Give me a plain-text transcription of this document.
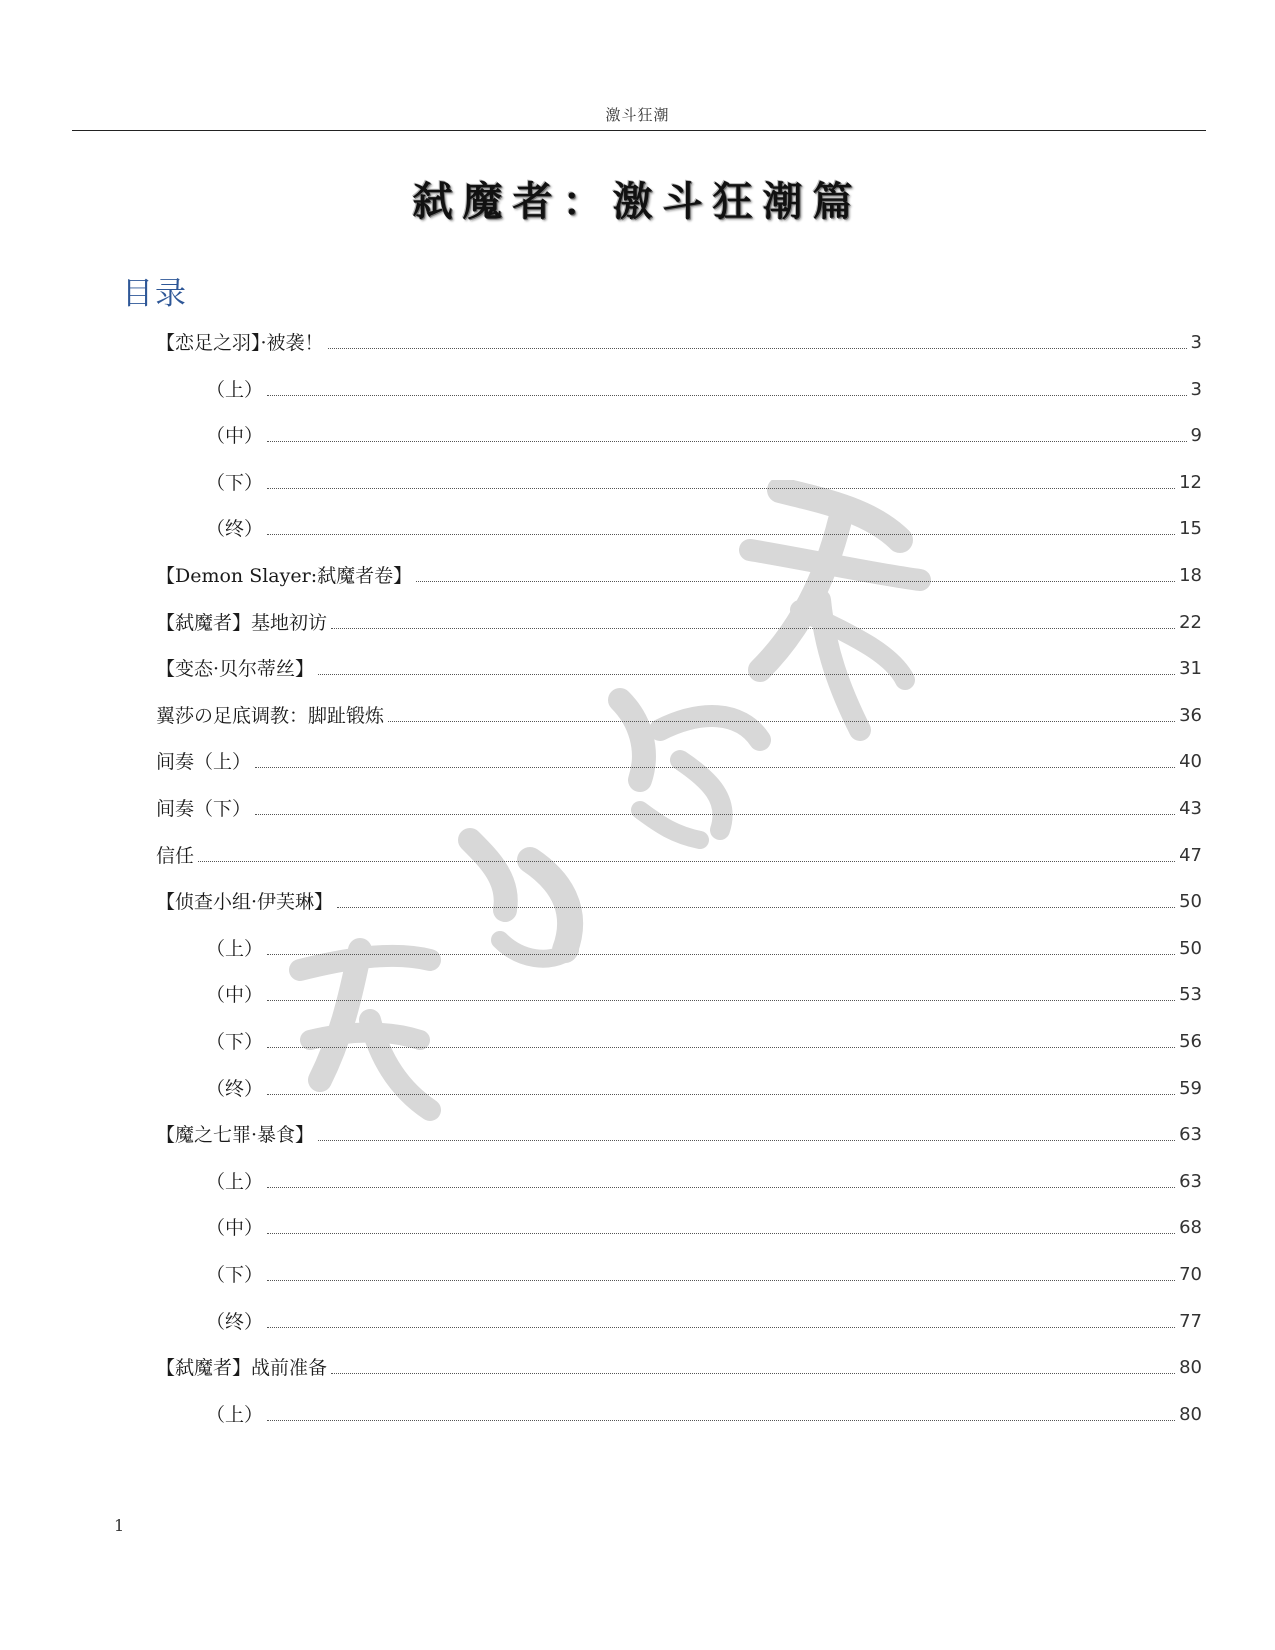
激斗狂潮
弑魔者：激斗狂潮篇
目录
【恋足之羽】·被袭！	3
（上）	3
（中）	9
（下）	12
（终）	15
【Demon Slayer:弑魔者卷】	18
【弑魔者】基地初访	22
【变态·贝尔蒂丝】	31
翼莎の足底调教：脚趾锻炼	36
间奏（上）	40
间奏（下）	43
信任	47
【侦查小组·伊芙琳】	50
（上）	50
（中）	53
（下）	56
（终）	59
【魔之七罪·暴食】	63
（上）	63
（中）	68
（下）	70
（终）	77
【弑魔者】战前准备	80
（上）	80
1
